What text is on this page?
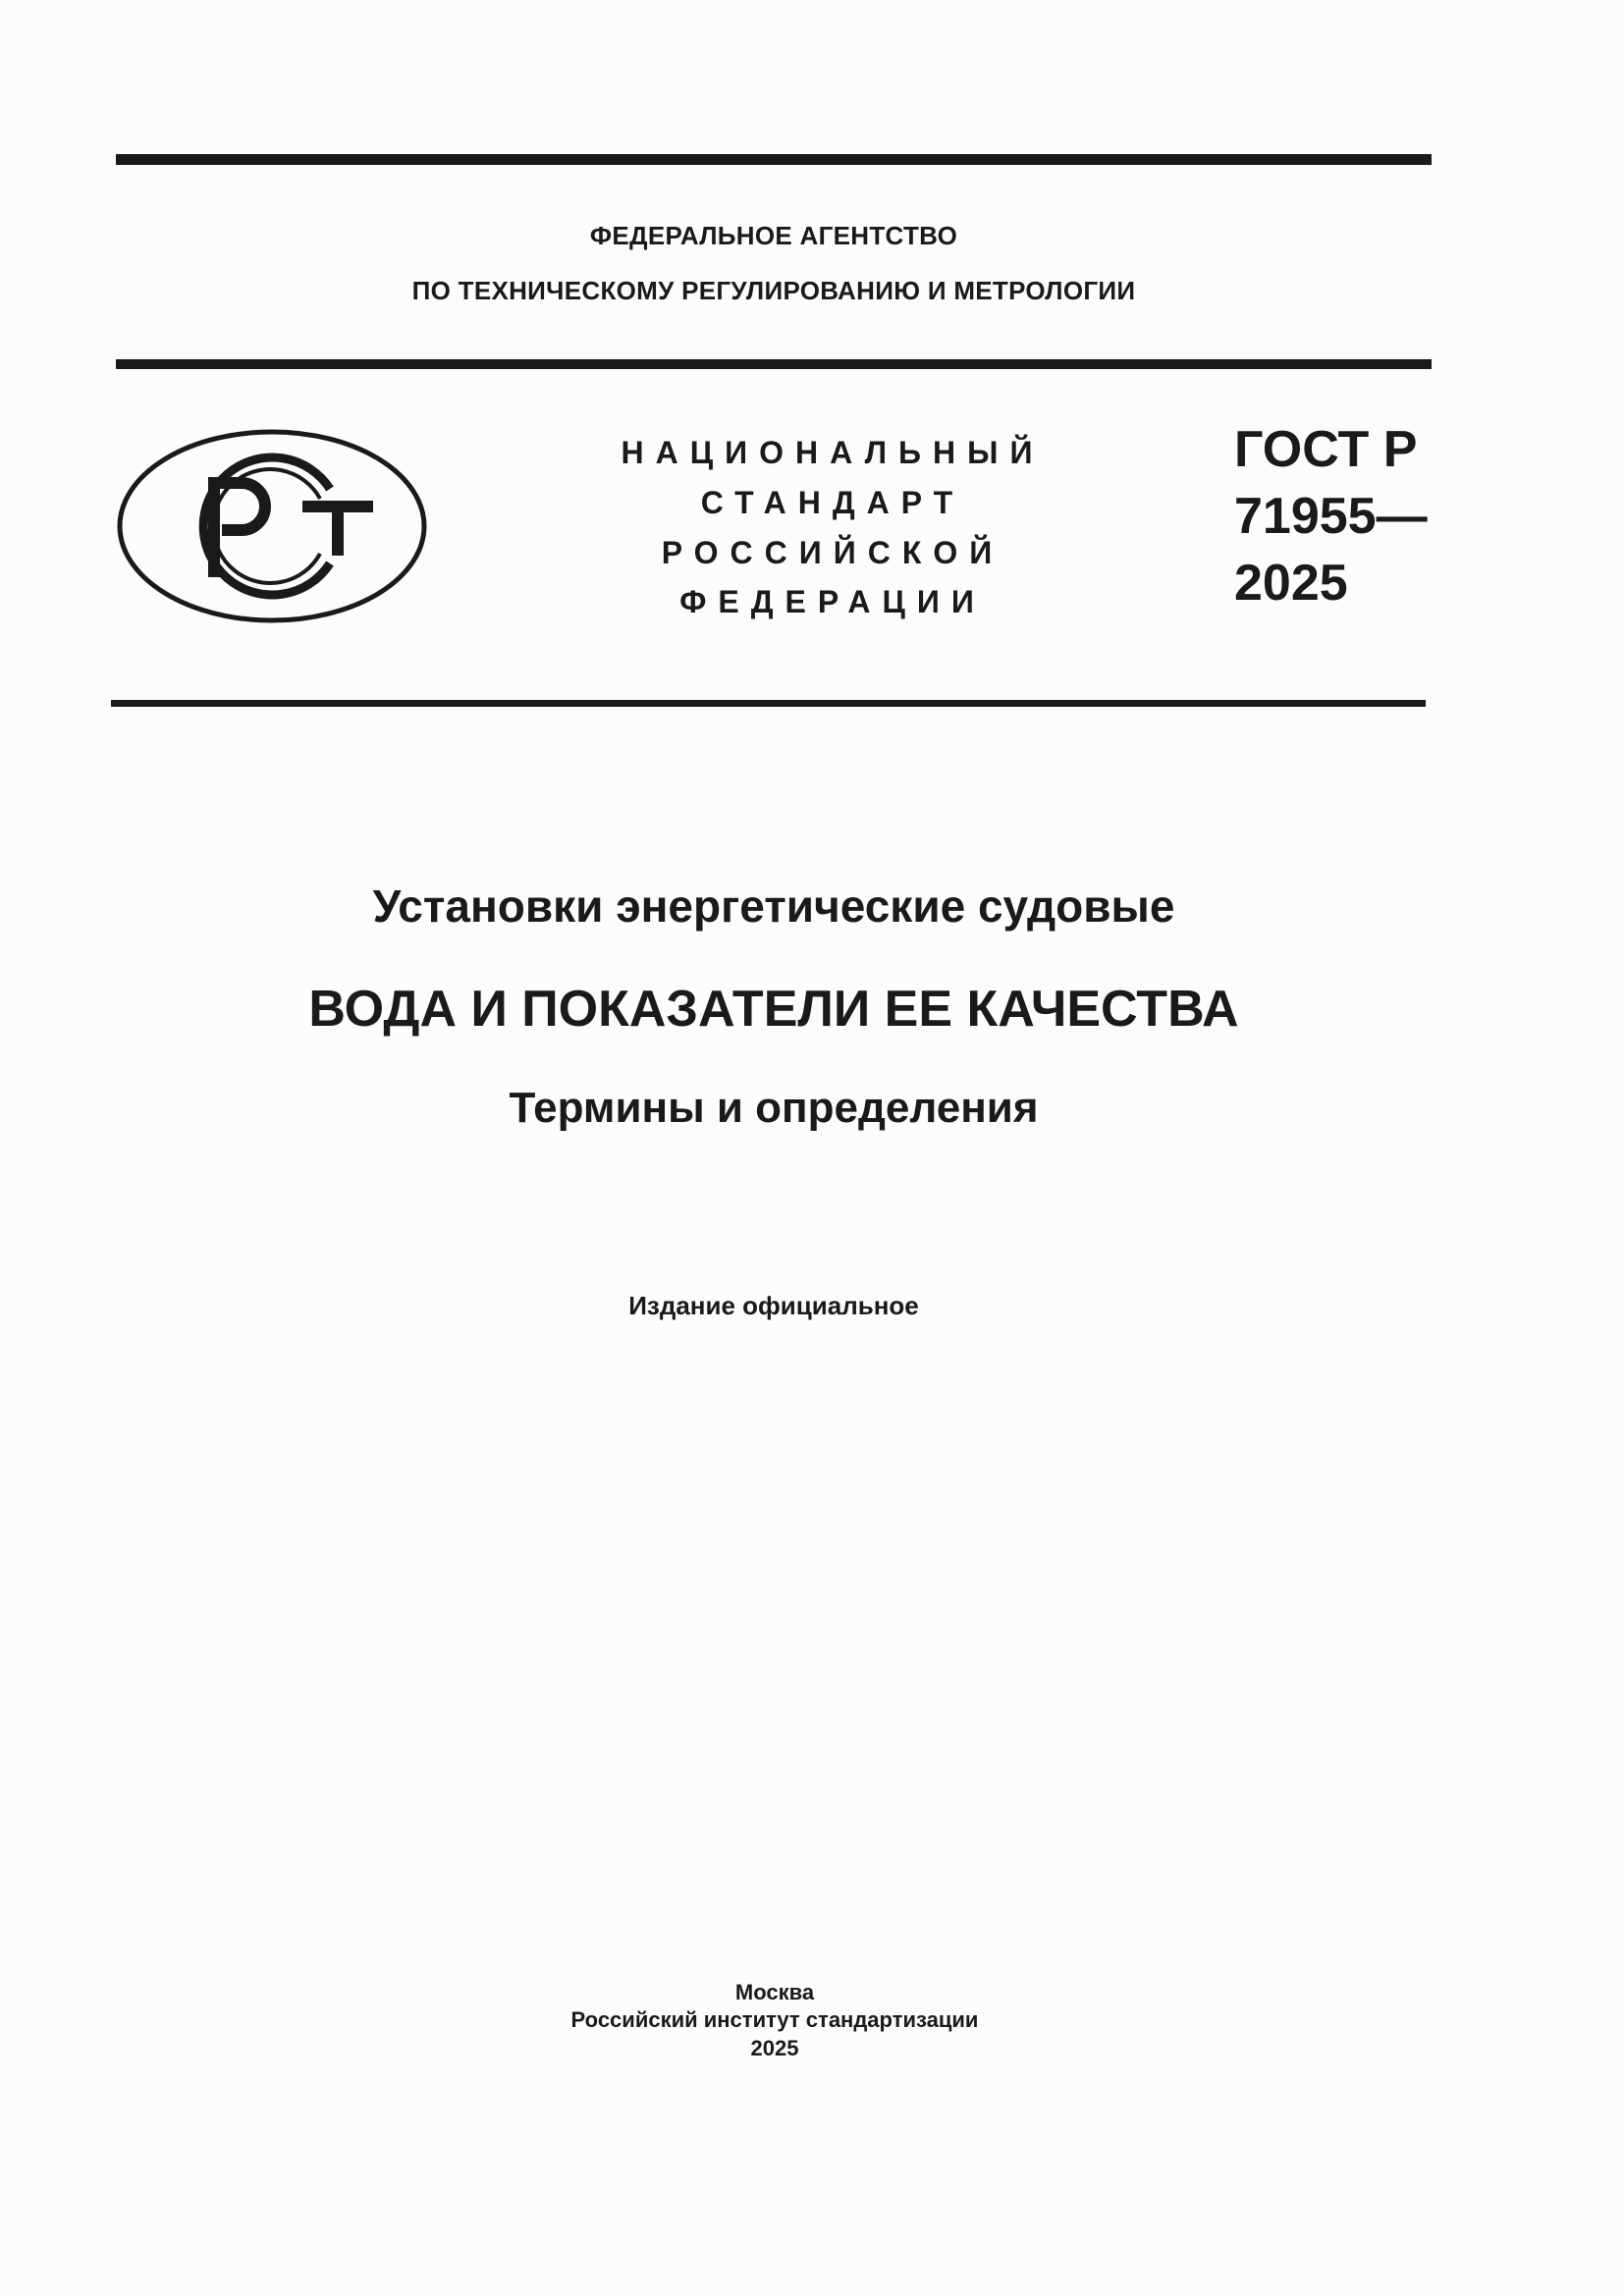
ФЕДЕРАЛЬНОЕ АГЕНТСТВО
ПО ТЕХНИЧЕСКОМУ РЕГУЛИРОВАНИЮ И МЕТРОЛОГИИ
НАЦИОНАЛЬНЫЙ
СТАНДАРТ
РОССИЙСКОЙ
ФЕДЕРАЦИИ
ГОСТ Р
71955—
2025
Установки энергетические судовые
ВОДА И ПОКАЗАТЕЛИ ЕЕ КАЧЕСТВА
Термины и определения
Издание официальное
Москва
Российский институт стандартизации
2025
